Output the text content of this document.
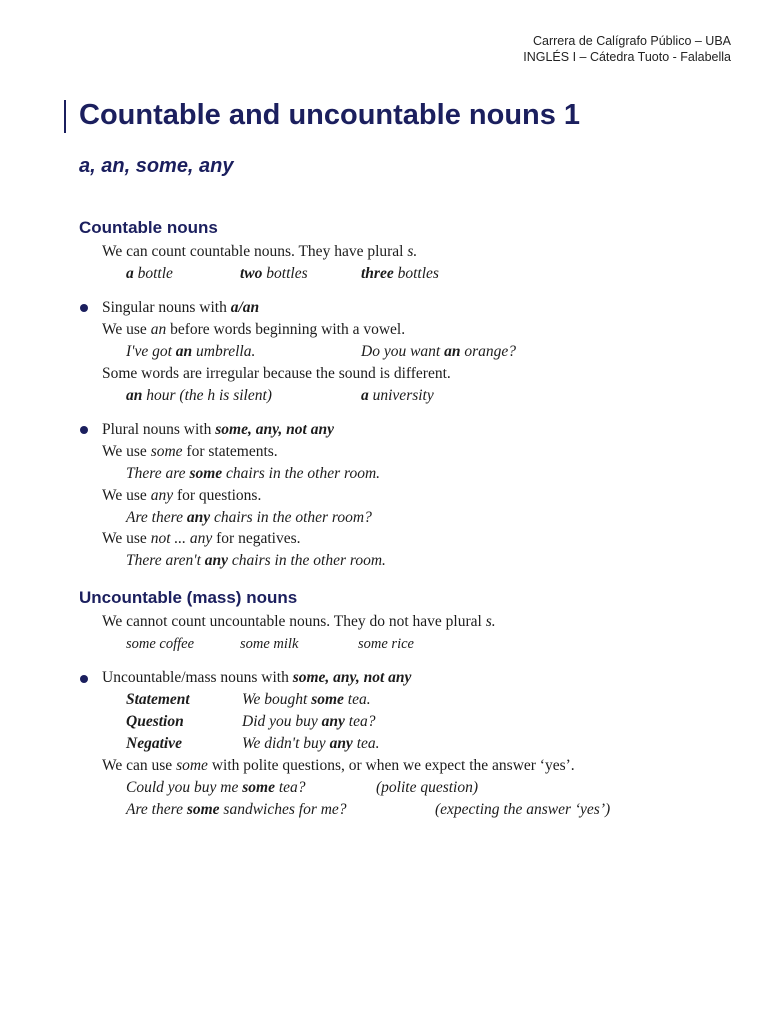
Carrera de Calígrafo Público – UBA
INGLÉS I – Cátedra Tuoto - Falabella
Countable and uncountable nouns 1
a, an, some, any
Countable nouns
We can count countable nouns. They have plural s.
a bottle	two bottles	three bottles
Singular nouns with a/an
We use an before words beginning with a vowel.
I've got an umbrella.	Do you want an orange?
Some words are irregular because the sound is different.
an hour (the h is silent)	a university
Plural nouns with some, any, not any
We use some for statements.
There are some chairs in the other room.
We use any for questions.
Are there any chairs in the other room?
We use not ... any for negatives.
There aren't any chairs in the other room.
Uncountable (mass) nouns
We cannot count uncountable nouns. They do not have plural s.
some coffee	some milk	some rice
Uncountable/mass nouns with some, any, not any
Statement	We bought some tea.
Question	Did you buy any tea?
Negative	We didn't buy any tea.
We can use some with polite questions, or when we expect the answer ‘yes’.
Could you buy me some tea?	(polite question)
Are there some sandwiches for me?	(expecting the answer ‘yes’)
